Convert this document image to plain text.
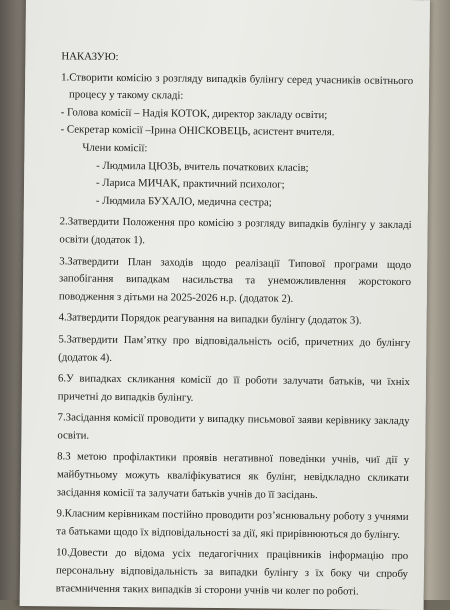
НАКАЗУЮ:

1.Створити комісію з розгляду випадків булінгу серед учасників освітнього

процесу у такому складі:

- Голова комісії – Надія КОТОК, директор закладу освіти;

- Секретар комісії –Ірина ОНІСКОВЕЦЬ, асистент вчителя.

Члени комісії:

- Людмила ЦЮЗЬ, вчитель початкових класів;

- Лариса МИЧАК, практичний психолог;

- Людмила БУХАЛО, медична сестра;

2.Затвердити Положення про комісію з розгляду випадків булінгу у закладі

освіти (додаток 1).

3.Затвердити План заходів щодо реалізації Типової програми щодо

запобігання випадкам насильства та унеможливлення жорстокого

поводження з дітьми на 2025-2026 н.р. (додаток 2).

4.Затвердити Порядок реагування на випадки булінгу (додаток 3).

5.Затвердити Пам’ятку про відповідальність осіб, причетних до булінгу

(додаток 4).

6.У випадках скликання комісії до її роботи залучати батьків, чи їхніх

причетні до випадків булінгу.

7.Засідання комісії проводити у випадку письмової заяви керівнику закладу

освіти.

8.З метою профілактики проявів негативної поведінки учнів, чиї дії у

майбутньому можуть кваліфікуватися як булінг, невідкладно скликати

засідання комісії та залучати батьків учнів до її засідань.

9.Класним керівникам постійно проводити роз’яснювальну роботу з учнями

та батьками щодо їх відповідальності за дії, які прирівнюються до булінгу.

10.Довести до відома усіх педагогічних працівників інформацію про

персональну відповідальність за випадки булінгу з їх боку чи спробу

втаємничення таких випадків зі сторони учнів чи колег по роботі.
